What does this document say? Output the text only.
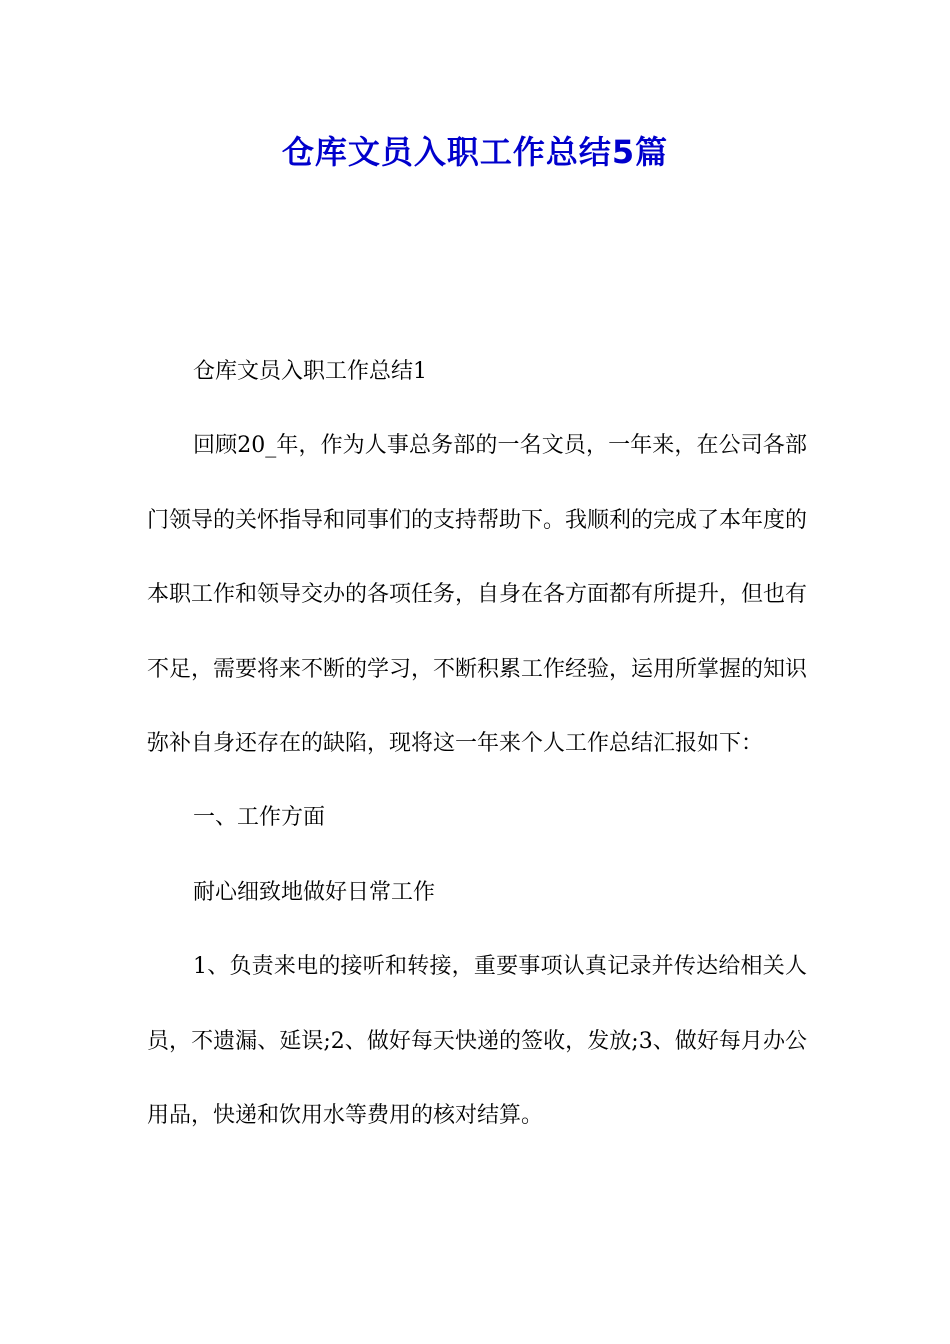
仓库文员入职工作总结5篇

仓库文员入职工作总结1

回顾20_年，作为人事总务部的一名文员，一年来，在公司各部门领导的关怀指导和同事们的支持帮助下。我顺利的完成了本年度的本职工作和领导交办的各项任务，自身在各方面都有所提升，但也有不足，需要将来不断的学习，不断积累工作经验，运用所掌握的知识弥补自身还存在的缺陷，现将这一年来个人工作总结汇报如下：

一、工作方面

耐心细致地做好日常工作

1、负责来电的接听和转接，重要事项认真记录并传达给相关人员，不遗漏、延误;2、做好每天快递的签收，发放;3、做好每月办公用品，快递和饮用水等费用的核对结算。
